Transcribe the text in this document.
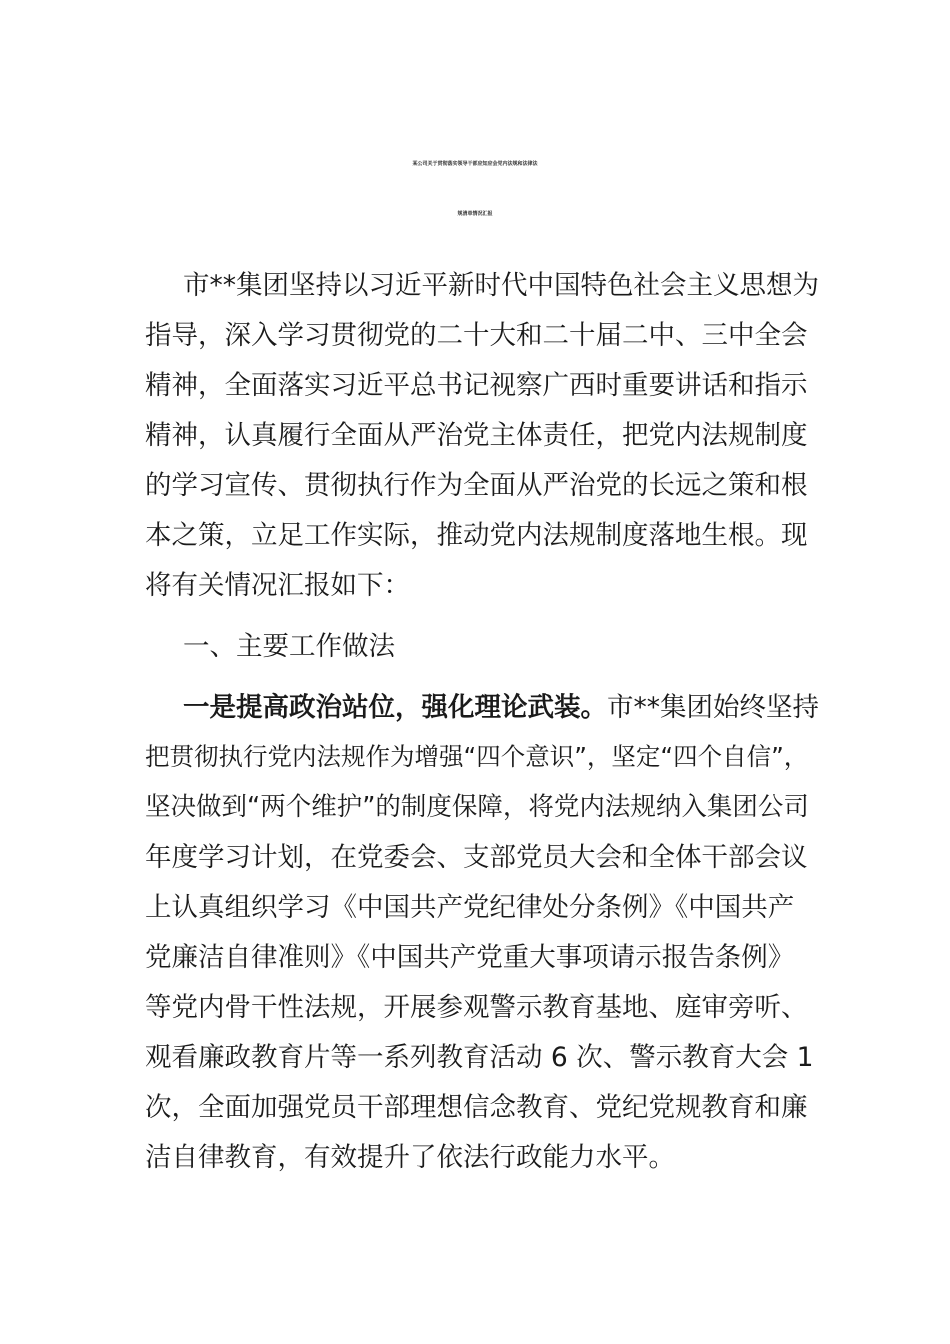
某公司关于贯彻落实领导干部应知应会党内法规和法律法
规清单情况汇报
市**集团坚持以习近平新时代中国特色社会主义思想为
指导，深入学习贯彻党的二十大和二十届二中、三中全会
精神，全面落实习近平总书记视察广西时重要讲话和指示
精神，认真履行全面从严治党主体责任，把党内法规制度
的学习宣传、贯彻执行作为全面从严治党的长远之策和根
本之策，立足工作实际，推动党内法规制度落地生根。现
将有关情况汇报如下：
一、主要工作做法
一是提高政治站位，强化理论武装。市**集团始终坚持
把贯彻执行党内法规作为增强“四个意识”，坚定“四个自信”，
坚决做到“两个维护”的制度保障，将党内法规纳入集团公司
年度学习计划，在党委会、支部党员大会和全体干部会议
上认真组织学习《中国共产党纪律处分条例》《中国共产
党廉洁自律准则》《中国共产党重大事项请示报告条例》
等党内骨干性法规，开展参观警示教育基地、庭审旁听、
观看廉政教育片等一系列教育活动 6 次、警示教育大会 1
次，全面加强党员干部理想信念教育、党纪党规教育和廉
洁自律教育，有效提升了依法行政能力水平。
